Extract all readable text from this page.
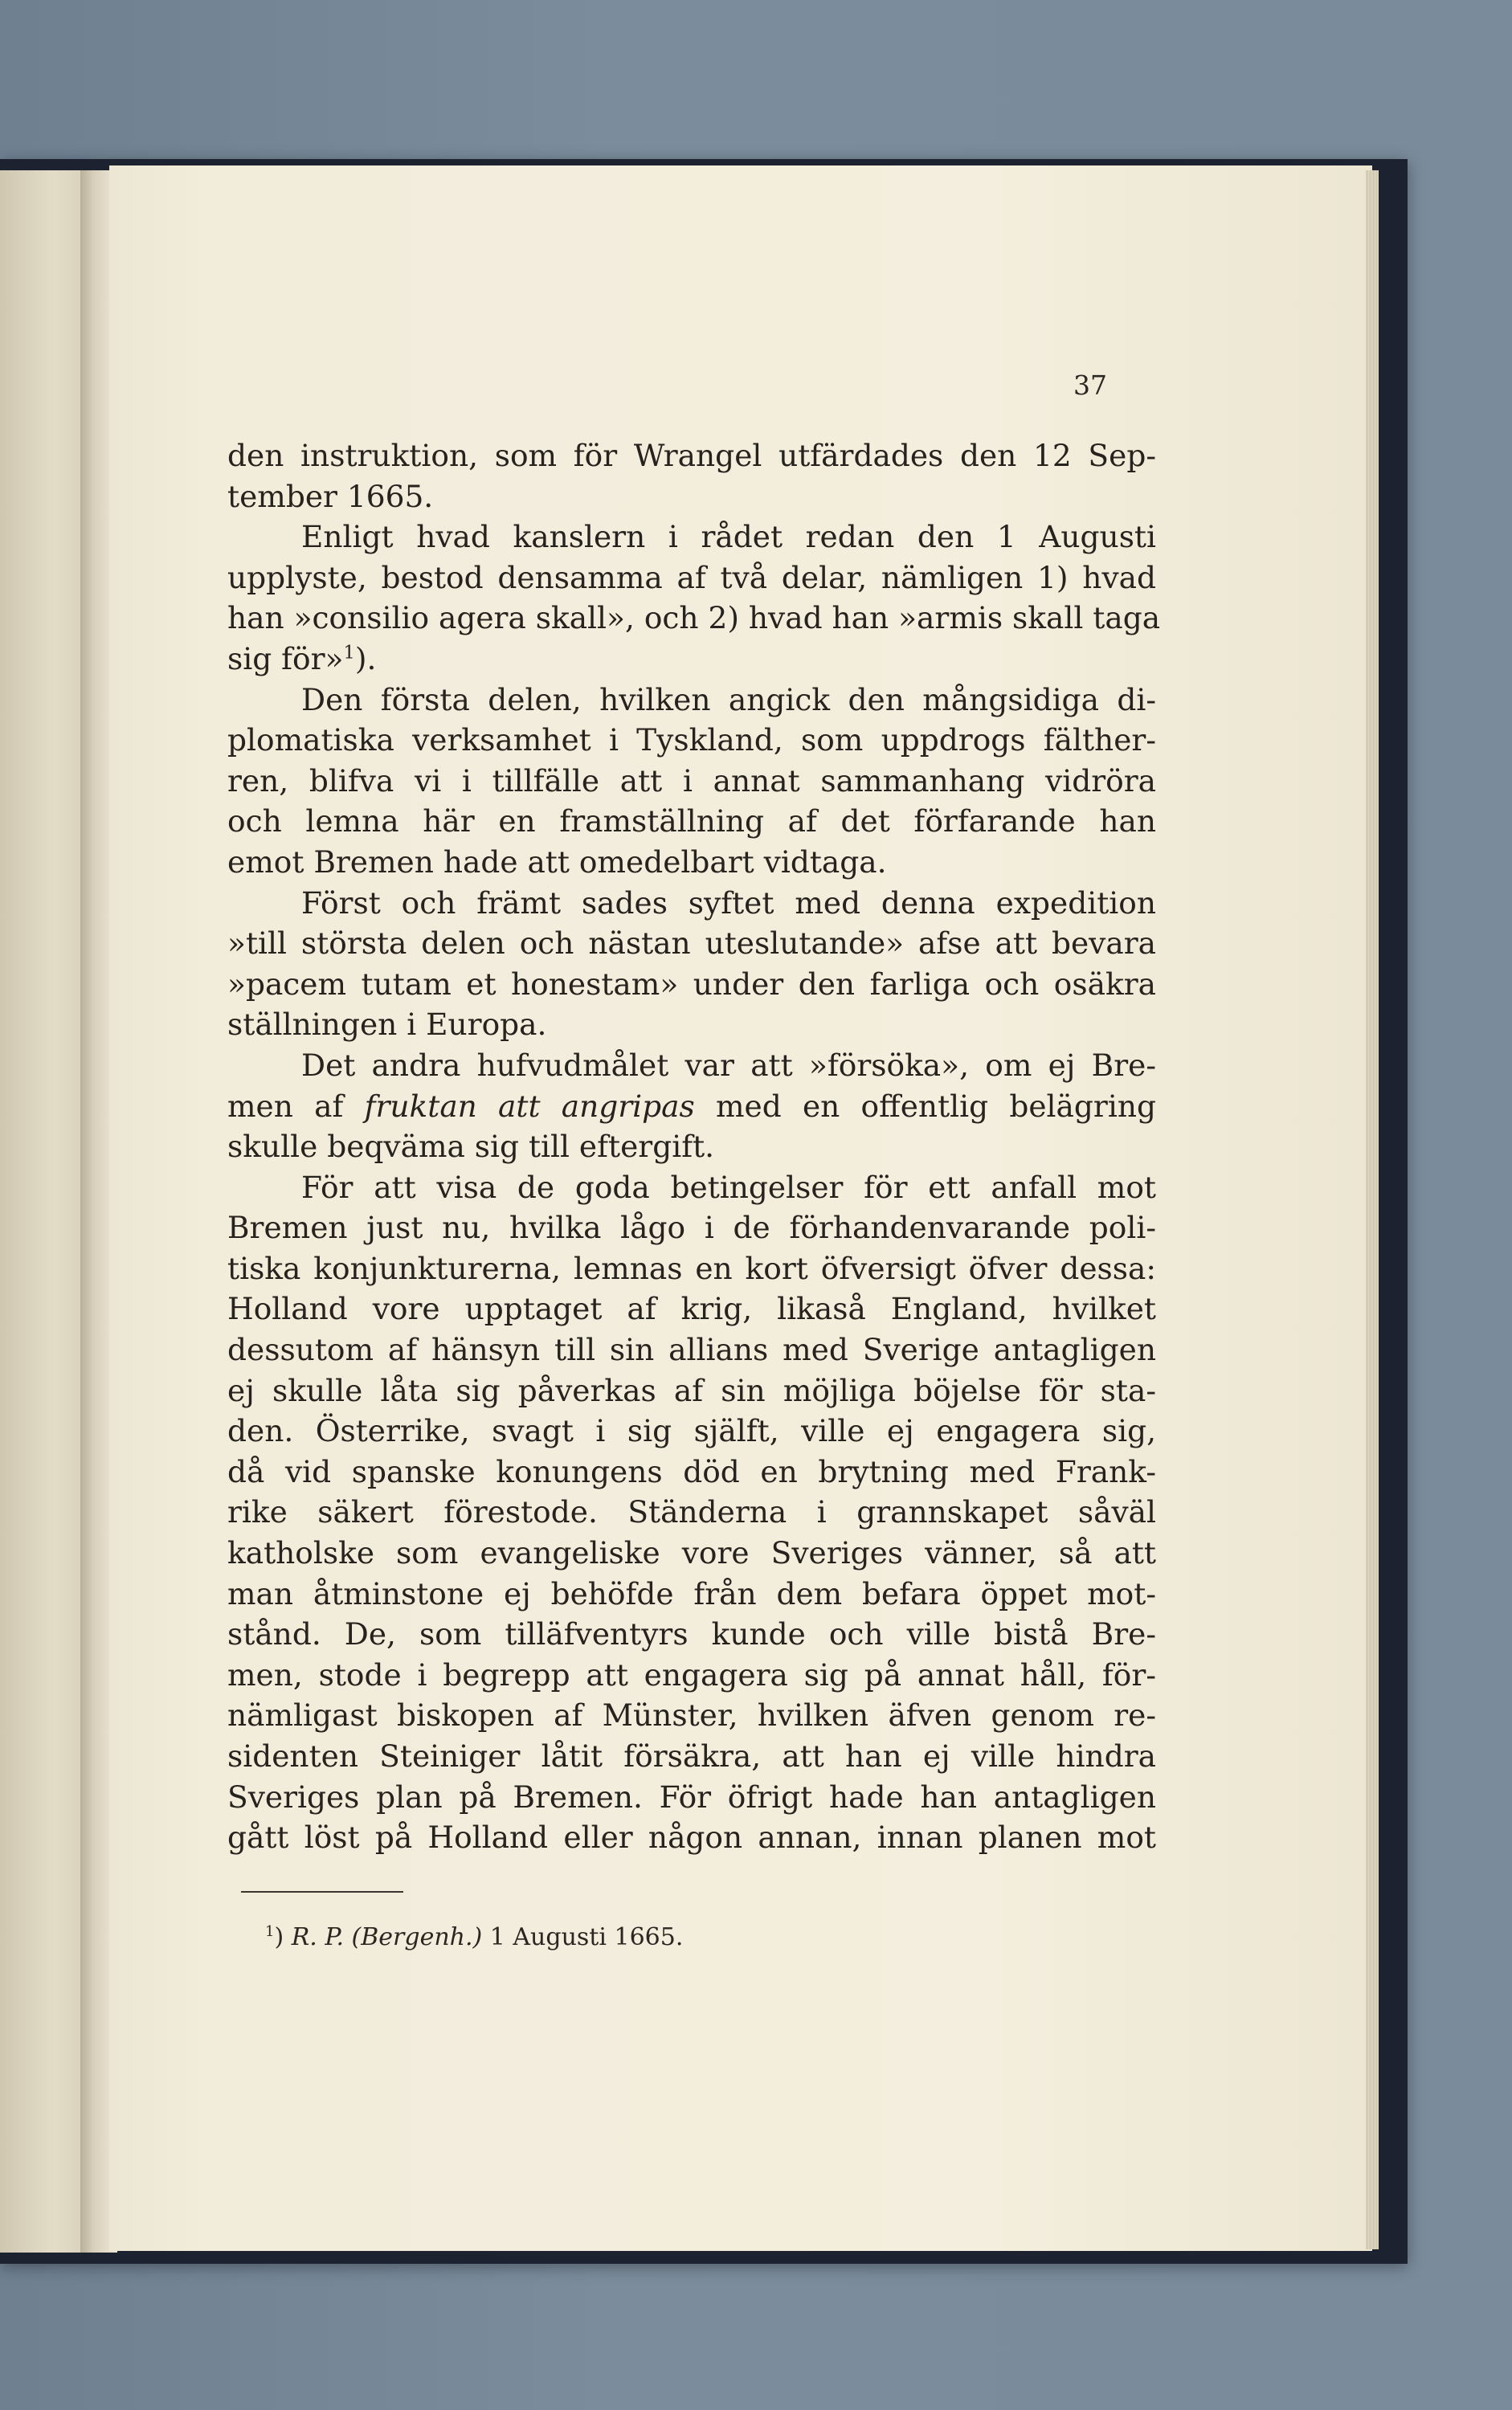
37
den instruktion, som för Wrangel utfärdades den 12 Sep-
tember 1665.
Enligt hvad kanslern i rådet redan den 1 Augusti
upplyste, bestod densamma af två delar, nämligen 1) hvad
han »consilio agera skall», och 2) hvad han »armis skall taga
sig för»$^1$).
Den första delen, hvilken angick den mångsidiga di-
plomatiska verksamhet i Tyskland, som uppdrogs fälther-
ren, blifva vi i tillfälle att i annat sammanhang vidröra
och lemna här en framställning af det förfarande han
emot Bremen hade att omedelbart vidtaga.
Först och främt sades syftet med denna expedition
»till största delen och nästan uteslutande» afse att bevara
»pacem tutam et honestam» under den farliga och osäkra
ställningen i Europa.
Det andra hufvudmålet var att »försöka», om ej Bre-
men af fruktan att angripas med en offentlig belägring
skulle beqväma sig till eftergift.
För att visa de goda betingelser för ett anfall mot
Bremen just nu, hvilka lågo i de förhandenvarande poli-
tiska konjunkturerna, lemnas en kort öfversigt öfver dessa:
Holland vore upptaget af krig, likaså England, hvilket
dessutom af hänsyn till sin allians med Sverige antagligen
ej skulle låta sig påverkas af sin möjliga böjelse för sta-
den. Österrike, svagt i sig själft, ville ej engagera sig,
då vid spanske konungens död en brytning med Frank-
rike säkert förestode. Ständerna i grannskapet såväl
katholske som evangeliske vore Sveriges vänner, så att
man åtminstone ej behöfde från dem befara öppet mot-
stånd. De, som tilläfventyrs kunde och ville bistå Bre-
men, stode i begrepp att engagera sig på annat håll, för-
nämligast biskopen af Münster, hvilken äfven genom re-
sidenten Steiniger låtit försäkra, att han ej ville hindra
Sveriges plan på Bremen. För öfrigt hade han antagligen
gått löst på Holland eller någon annan, innan planen mot
$^1$) R. P. (Bergenh.) 1 Augusti 1665.
